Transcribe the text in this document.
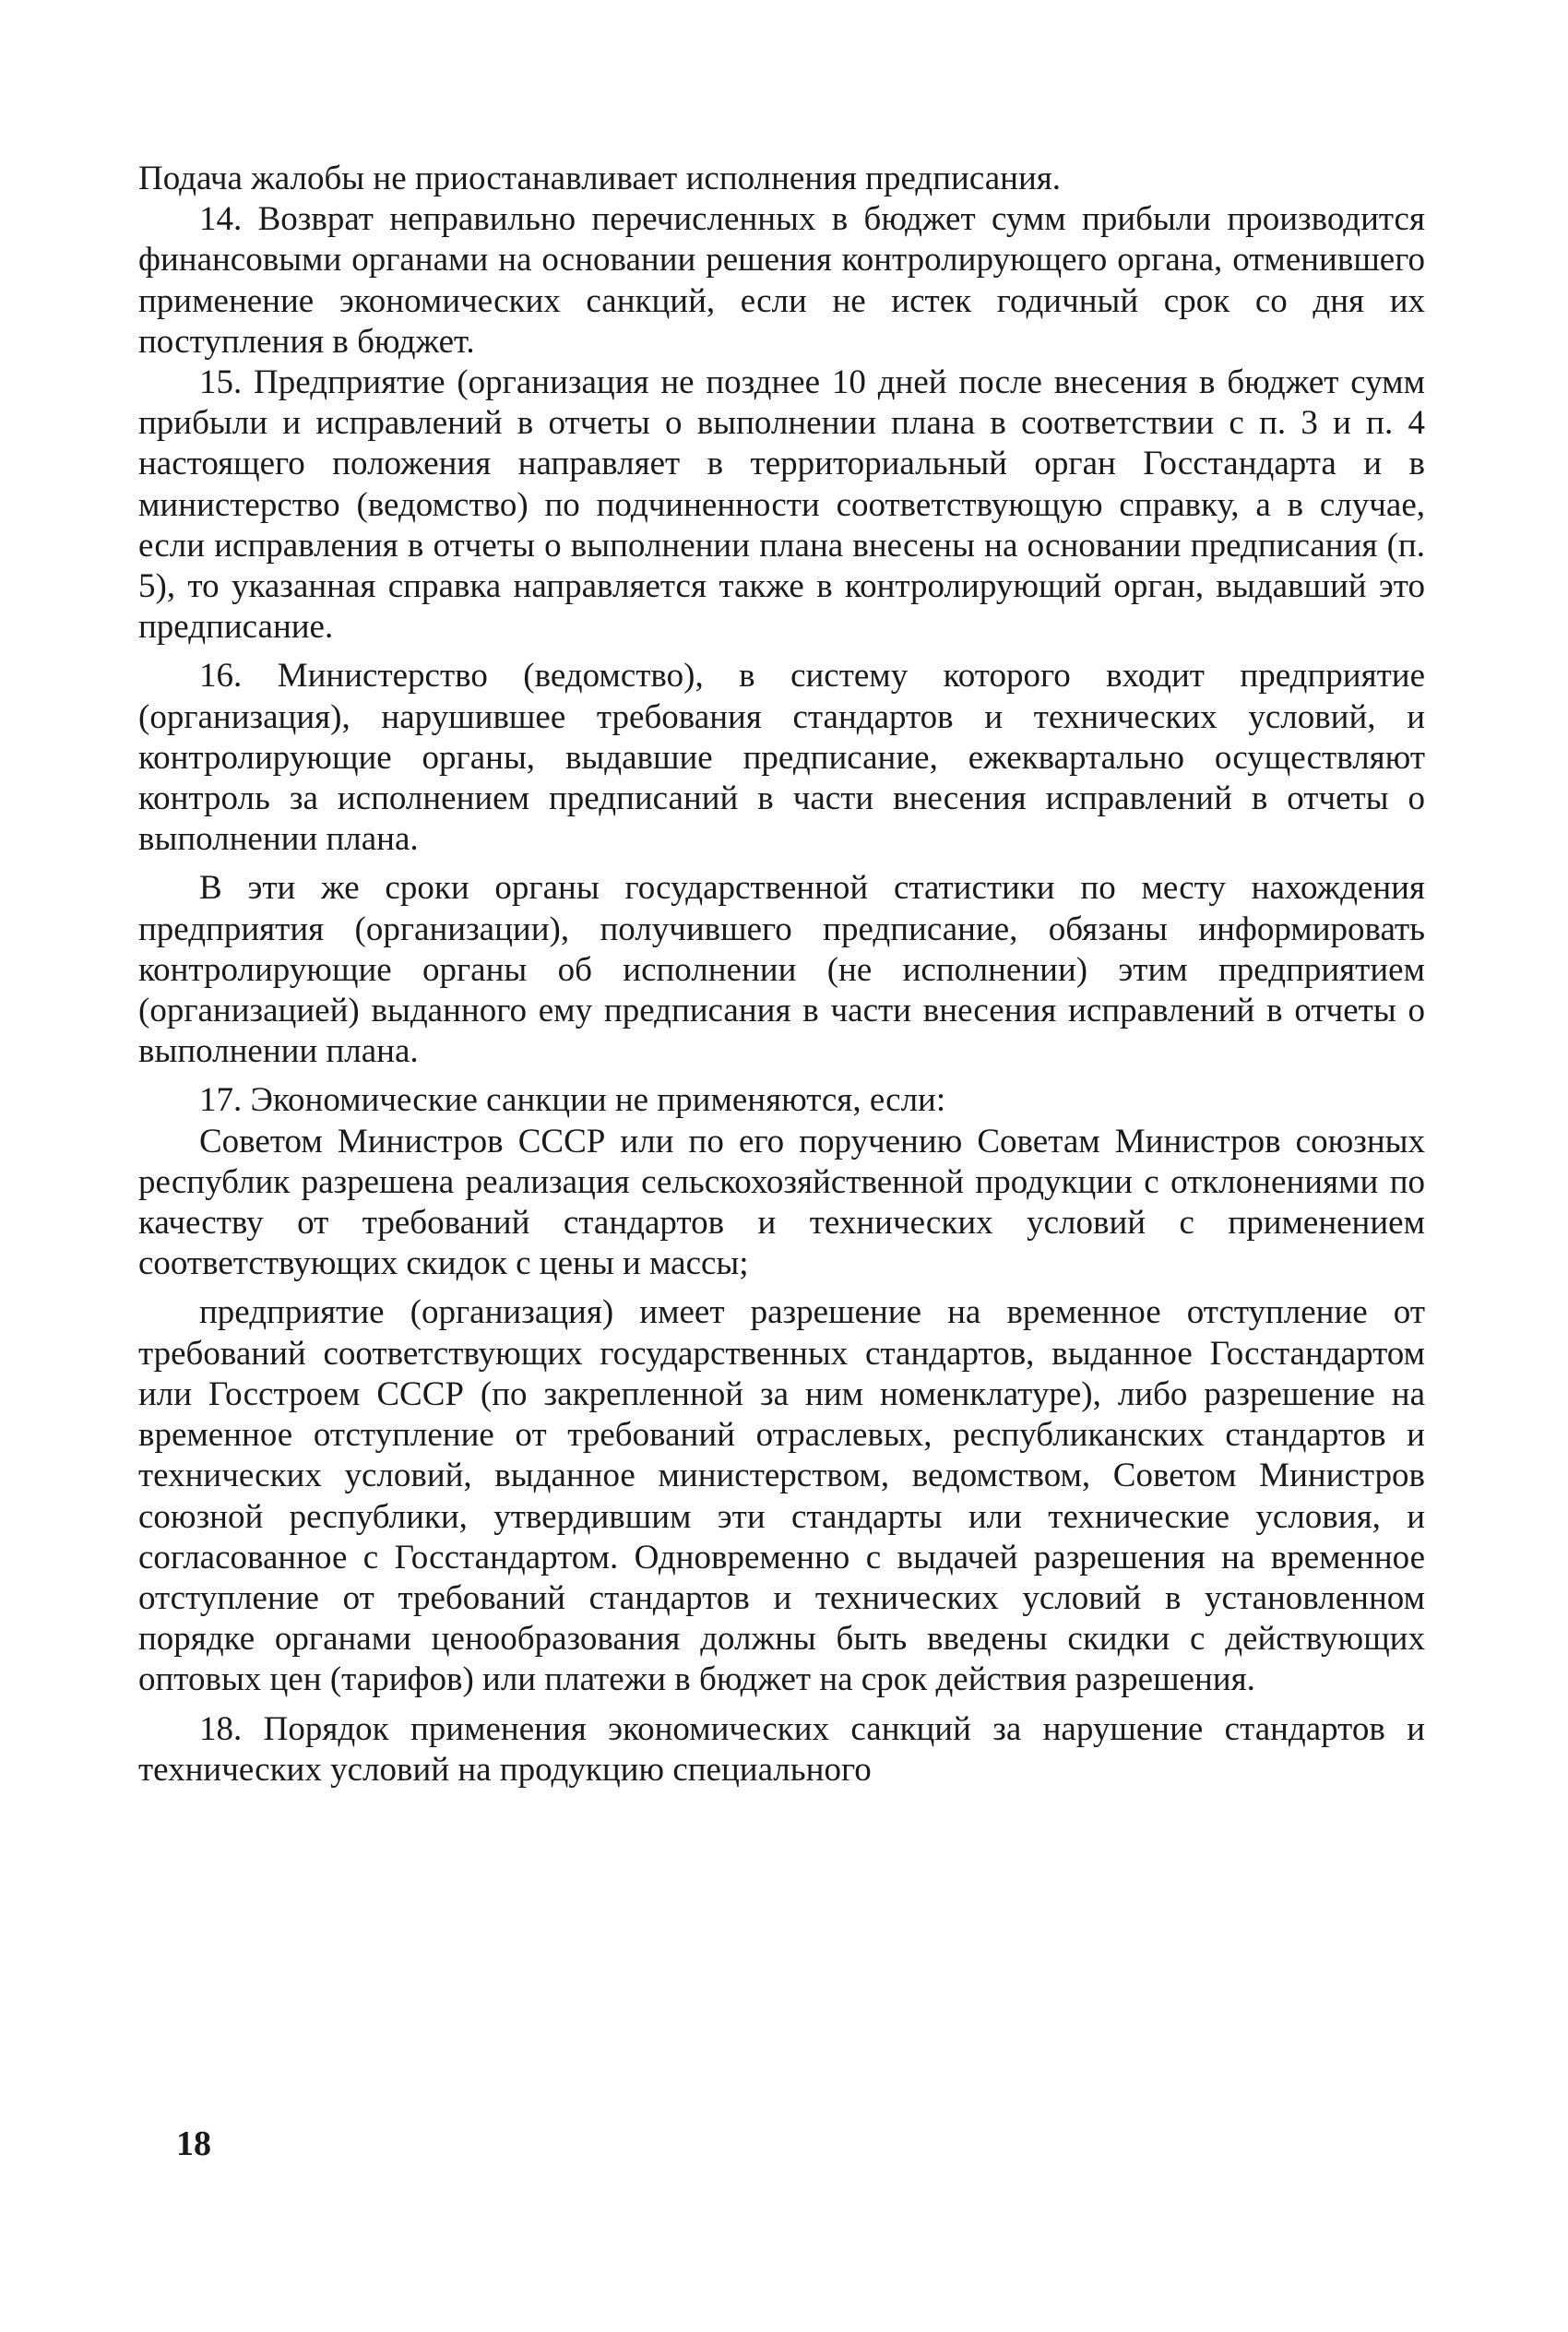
Подача жалобы не приостанавливает исполнения предписания.

14. Возврат неправильно перечисленных в бюджет сумм прибыли производится финансовыми органами на основании решения контролирующего органа, отменившего применение экономических санкций, если не истек годичный срок со дня их поступления в бюджет.

15. Предприятие (организация не позднее 10 дней после внесения в бюджет сумм прибыли и исправлений в отчеты о выполнении плана в соответствии с п. 3 и п. 4 настоящего положения направляет в территориальный орган Госстандарта и в министерство (ведомство) по подчиненности соответствующую справку, а в случае, если исправления в отчеты о выполнении плана внесены на основании предписания (п. 5), то указанная справка направляется также в контролирующий орган, выдавший это предписание.

16. Министерство (ведомство), в систему которого входит предприятие (организация), нарушившее требования стандартов и технических условий, и контролирующие органы, выдавшие предписание, ежеквартально осуществляют контроль за исполнением предписаний в части внесения исправлений в отчеты о выполнении плана.

В эти же сроки органы государственной статистики по месту нахождения предприятия (организации), получившего предписание, обязаны информировать контролирующие органы об исполнении (не исполнении) этим предприятием (организацией) выданного ему предписания в части внесения исправлений в отчеты о выполнении плана.

17. Экономические санкции не применяются, если:

Советом Министров СССР или по его поручению Советам Министров союзных республик разрешена реализация сельскохозяйственной продукции с отклонениями по качеству от требований стандартов и технических условий с применением соответствующих скидок с цены и массы;

предприятие (организация) имеет разрешение на временное отступление от требований соответствующих государственных стандартов, выданное Госстандартом или Госстроем СССР (по закрепленной за ним номенклатуре), либо разрешение на временное отступление от требований отраслевых, республиканских стандартов и технических условий, выданное министерством, ведомством, Советом Министров союзной республики, утвердившим эти стандарты или технические условия, и согласованное с Госстандартом. Одновременно с выдачей разрешения на временное отступление от требований стандартов и технических условий в установленном порядке органами ценообразования должны быть введены скидки с действующих оптовых цен (тарифов) или платежи в бюджет на срок действия разрешения.

18. Порядок применения экономических санкций за нарушение стандартов и технических условий на продукцию специального

18
